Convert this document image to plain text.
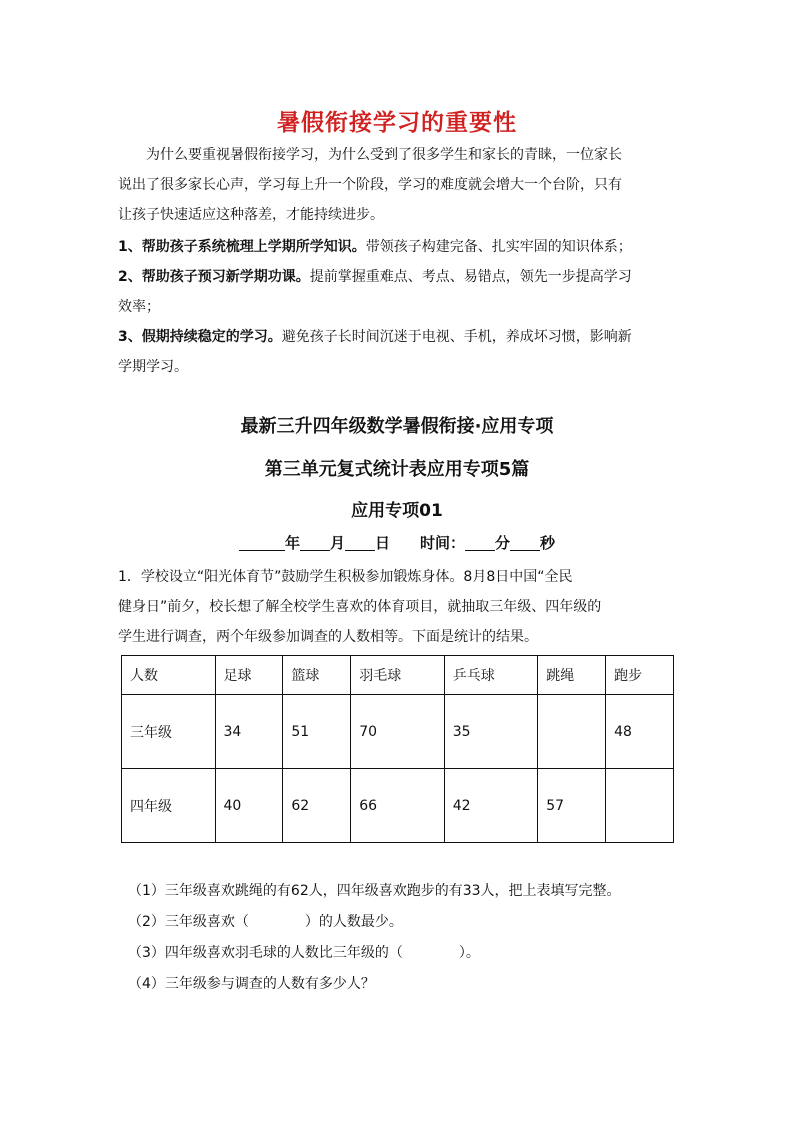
暑假衔接学习的重要性
为什么要重视暑假衔接学习，为什么受到了很多学生和家长的青睐，一位家长
说出了很多家长心声，学习每上升一个阶段，学习的难度就会增大一个台阶，只有
让孩子快速适应这种落差，才能持续进步。
1、帮助孩子系统梳理上学期所学知识。带领孩子构建完备、扎实牢固的知识体系；
2、帮助孩子预习新学期功课。提前掌握重难点、考点、易错点，领先一步提高学习
效率；
3、假期持续稳定的学习。避免孩子长时间沉迷于电视、手机，养成坏习惯，影响新
学期学习。
最新三升四年级数学暑假衔接·应用专项
第三单元复式统计表应用专项5篇
应用专项01
年 月 日 时间： 分 秒
1．学校设立“阳光体育节”鼓励学生积极参加锻炼身体。8月8日中国“全民
健身日”前夕，校长想了解全校学生喜欢的体育项目，就抽取三年级、四年级的
学生进行调查，两个年级参加调查的人数相等。下面是统计的结果。
人数	足球	篮球	羽毛球	乒乓球	跳绳	跑步
三年级	34	51	70	35		48
四年级	40	62	66	42	57	
（1）三年级喜欢跳绳的有62人，四年级喜欢跑步的有33人，把上表填写完整。
（2）三年级喜欢（　　　　）的人数最少。
（3）四年级喜欢羽毛球的人数比三年级的（　　　　）。
（4）三年级参与调查的人数有多少人？
